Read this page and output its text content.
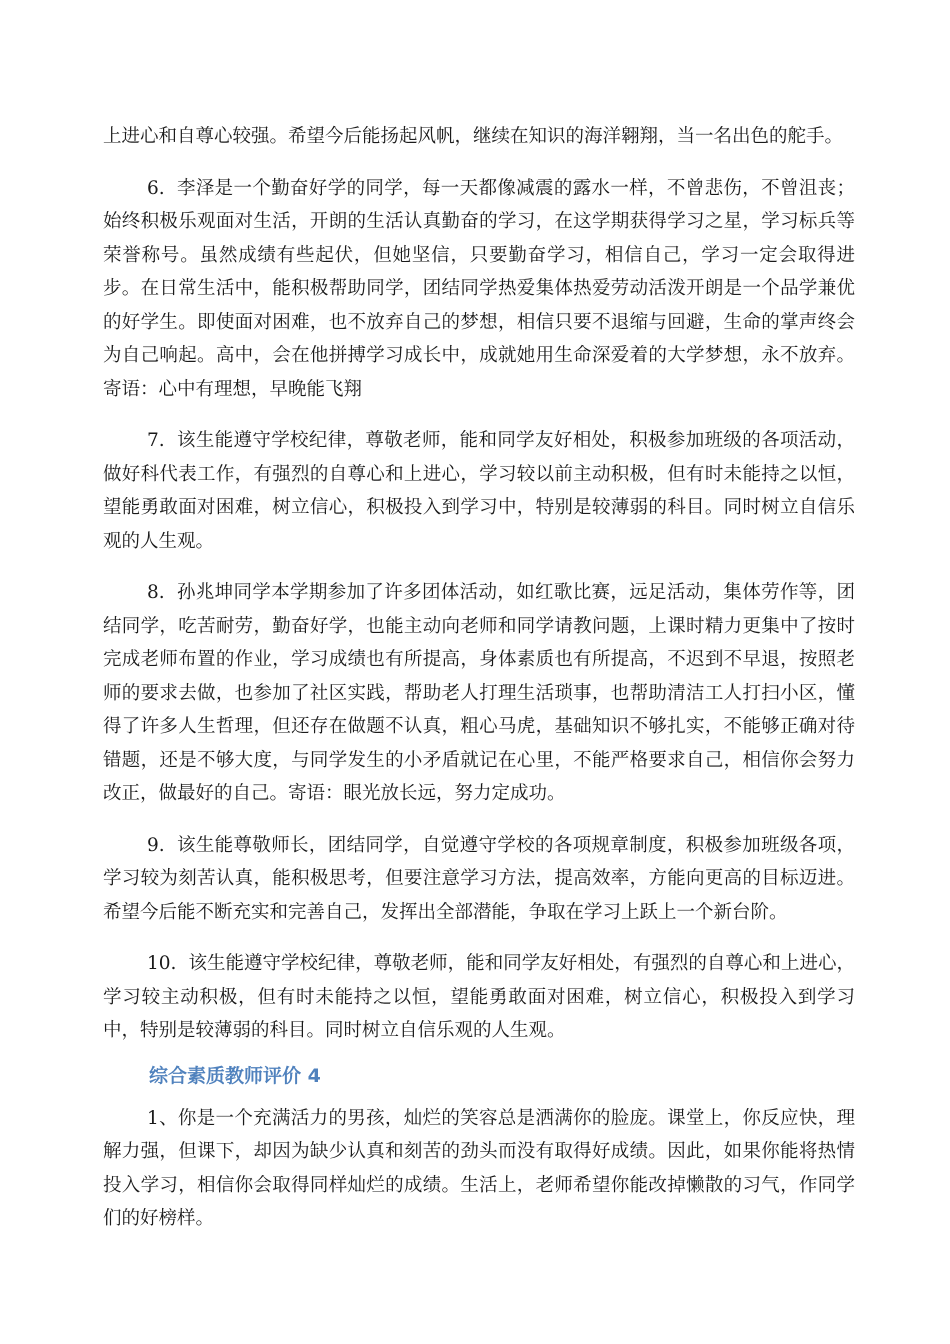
上进心和自尊心较强。希望今后能扬起风帆，继续在知识的海洋翱翔，当一名出色的舵手。

6. 李泽是一个勤奋好学的同学，每一天都像减震的露水一样，不曾悲伤，不曾沮丧；始终积极乐观面对生活，开朗的生活认真勤奋的学习，在这学期获得学习之星，学习标兵等荣誉称号。虽然成绩有些起伏，但她坚信，只要勤奋学习，相信自己，学习一定会取得进步。在日常生活中，能积极帮助同学，团结同学热爱集体热爱劳动活泼开朗是一个品学兼优的好学生。即使面对困难，也不放弃自己的梦想，相信只要不退缩与回避，生命的掌声终会为自己响起。高中，会在他拼搏学习成长中，成就她用生命深爱着的大学梦想，永不放弃。寄语：心中有理想，早晚能飞翔

7. 该生能遵守学校纪律，尊敬老师，能和同学友好相处，积极参加班级的各项活动，做好科代表工作，有强烈的自尊心和上进心，学习较以前主动积极，但有时未能持之以恒，望能勇敢面对困难，树立信心，积极投入到学习中，特别是较薄弱的科目。同时树立自信乐观的人生观。

8. 孙兆坤同学本学期参加了许多团体活动，如红歌比赛，远足活动，集体劳作等，团结同学，吃苦耐劳，勤奋好学，也能主动向老师和同学请教问题，上课时精力更集中了按时完成老师布置的作业，学习成绩也有所提高，身体素质也有所提高，不迟到不早退，按照老师的要求去做，也参加了社区实践，帮助老人打理生活琐事，也帮助清洁工人打扫小区，懂得了许多人生哲理，但还存在做题不认真，粗心马虎，基础知识不够扎实，不能够正确对待错题，还是不够大度，与同学发生的小矛盾就记在心里，不能严格要求自己，相信你会努力改正，做最好的自己。寄语：眼光放长远，努力定成功。

9. 该生能尊敬师长，团结同学，自觉遵守学校的各项规章制度，积极参加班级各项，学习较为刻苦认真，能积极思考，但要注意学习方法，提高效率，方能向更高的目标迈进。希望今后能不断充实和完善自己，发挥出全部潜能，争取在学习上跃上一个新台阶。

10. 该生能遵守学校纪律，尊敬老师，能和同学友好相处，有强烈的自尊心和上进心，学习较主动积极，但有时未能持之以恒，望能勇敢面对困难，树立信心，积极投入到学习中，特别是较薄弱的科目。同时树立自信乐观的人生观。

综合素质教师评价 4

1、你是一个充满活力的男孩，灿烂的笑容总是洒满你的脸庞。课堂上，你反应快，理解力强，但课下，却因为缺少认真和刻苦的劲头而没有取得好成绩。因此，如果你能将热情投入学习，相信你会取得同样灿烂的成绩。生活上，老师希望你能改掉懒散的习气，作同学们的好榜样。
